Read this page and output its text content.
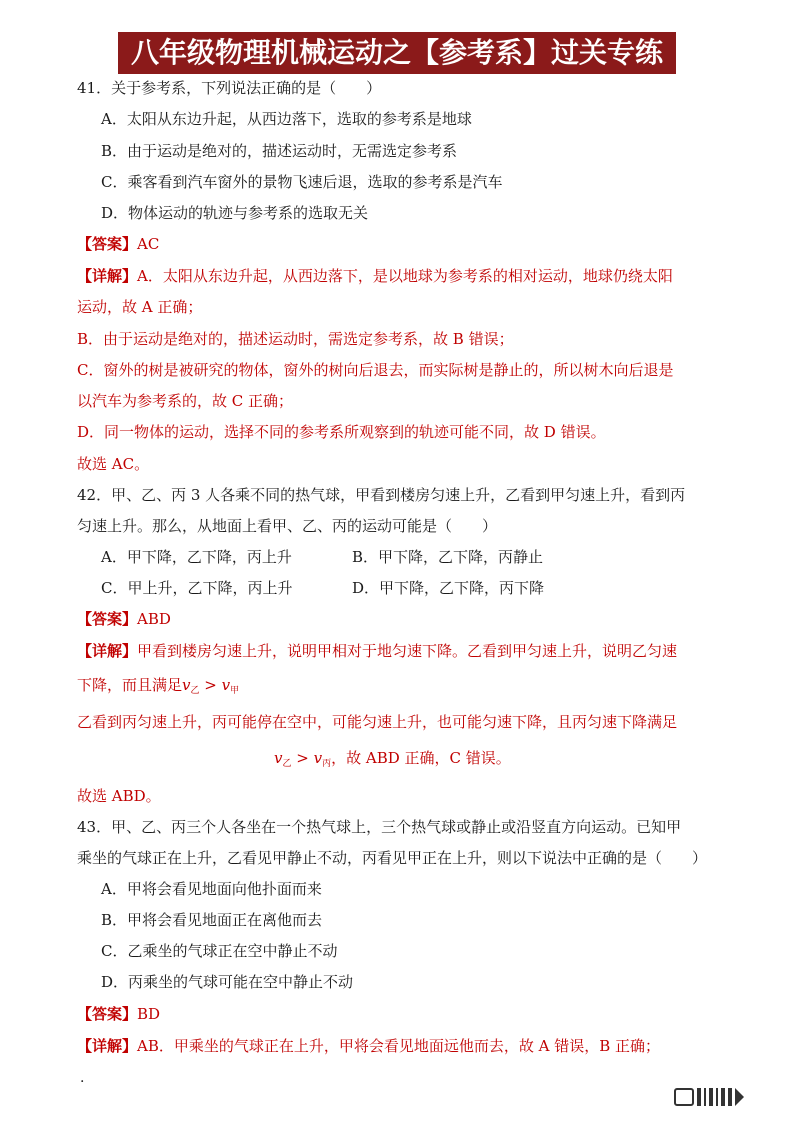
八年级物理机械运动之【参考系】过关专练
41．关于参考系，下列说法正确的是（　　）
A．太阳从东边升起，从西边落下，选取的参考系是地球
B．由于运动是绝对的，描述运动时，无需选定参考系
C．乘客看到汽车窗外的景物飞速后退，选取的参考系是汽车
D．物体运动的轨迹与参考系的选取无关
【答案】AC
【详解】A．太阳从东边升起，从西边落下，是以地球为参考系的相对运动，地球仍绕太阳
运动，故 A 正确；
B．由于运动是绝对的，描述运动时，需选定参考系，故 B 错误；
C．窗外的树是被研究的物体，窗外的树向后退去，而实际树是静止的，所以树木向后退是
以汽车为参考系的，故 C 正确；
D．同一物体的运动，选择不同的参考系所观察到的轨迹可能不同，故 D 错误。
故选 AC。
42．甲、乙、丙 3 人各乘不同的热气球，甲看到楼房匀速上升，乙看到甲匀速上升，看到丙
匀速上升。那么，从地面上看甲、乙、丙的运动可能是（　　）
A．甲下降，乙下降，丙上升	B．甲下降，乙下降，丙静止
C．甲上升，乙下降，丙上升	D．甲下降，乙下降，丙下降
【答案】ABD
【详解】甲看到楼房匀速上升，说明甲相对于地匀速下降。乙看到甲匀速上升，说明乙匀速
下降，而且满足$v_乙 > v_甲$
乙看到丙匀速上升，丙可能停在空中，可能匀速上升，也可能匀速下降，且丙匀速下降满足
$v_乙 > v_丙$，故 ABD 正确，C 错误。
故选 ABD。
43．甲、乙、丙三个人各坐在一个热气球上，三个热气球或静止或沿竖直方向运动。已知甲
乘坐的气球正在上升，乙看见甲静止不动，丙看见甲正在上升，则以下说法中正确的是（　　）
A．甲将会看见地面向他扑面而来
B．甲将会看见地面正在离他而去
C．乙乘坐的气球正在空中静止不动
D．丙乘坐的气球可能在空中静止不动
【答案】BD
【详解】AB．甲乘坐的气球正在上升，甲将会看见地面远他而去，故 A 错误，B 正确；
·
